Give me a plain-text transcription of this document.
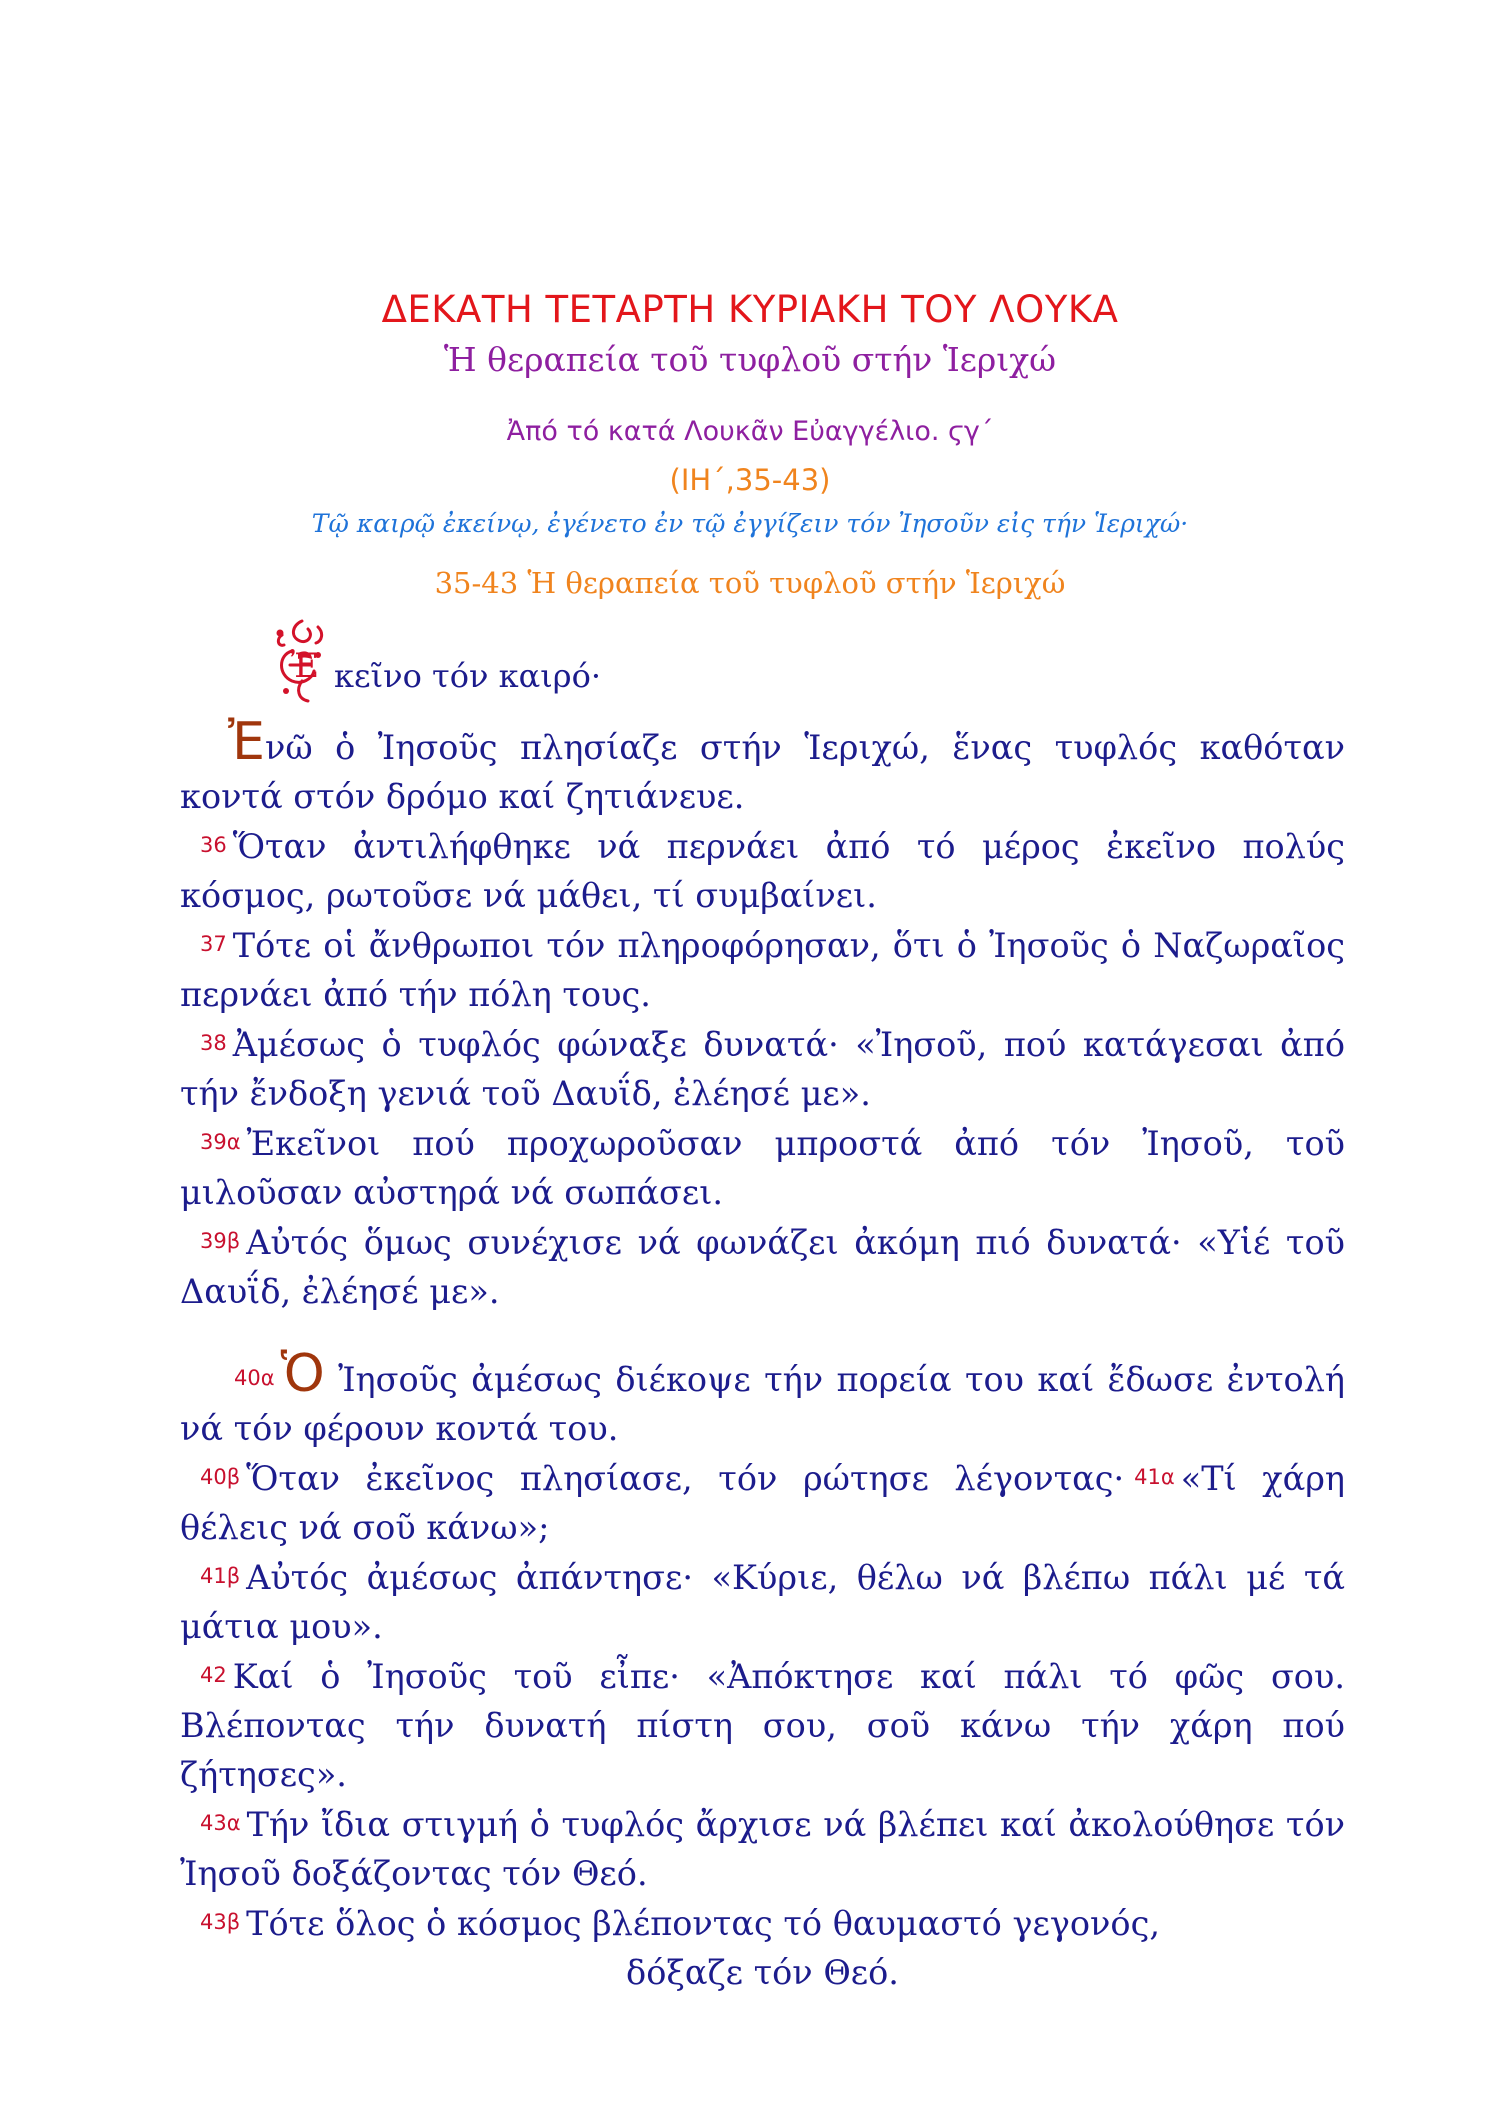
ΔΕΚΑΤΗ ΤΕΤΑΡΤΗ ΚΥΡΙΑΚΗ ΤΟΥ ΛΟΥΚΑ
Ἡ θεραπεία τοῦ τυφλοῦ στήν Ἱεριχώ
Ἀπό τό κατά Λουκᾶν Εὐαγγέλιο. ϛγ΄
(ΙΗ΄,35-43)
Τῷ καιρῷ ἐκείνῳ, ἐγένετο ἐν τῷ ἐγγίζειν τόν Ἰησοῦν εἰς τήν Ἱεριχώ·
35-43 Ἡ θεραπεία τοῦ τυφλοῦ στήν Ἱεριχώ
Ἐ κεῖνο τόν καιρό·

Ἐνῶ ὁ Ἰησοῦς πλησίαζε στήν Ἱεριχώ, ἕνας τυφλός καθόταν κοντά στόν δρόμο καί ζητιάνευε.

36 Ὅταν ἀντιλήφθηκε νά περνάει ἀπό τό μέρος ἐκεῖνο πολύς κόσμος, ρωτοῦσε νά μάθει, τί συμβαίνει.

37 Τότε οἱ ἄνθρωποι τόν πληροφόρησαν, ὅτι ὁ Ἰησοῦς ὁ Ναζωραῖος περνάει ἀπό τήν πόλη τους.

38 Ἀμέσως ὁ τυφλός φώναξε δυνατά· «Ἰησοῦ, πού κατάγεσαι ἀπό τήν ἔνδοξη γενιά τοῦ Δαυΐδ, ἐλέησέ με».

39α Ἐκεῖνοι πού προχωροῦσαν μπροστά ἀπό τόν Ἰησοῦ, τοῦ μιλοῦσαν αὐστηρά νά σωπάσει.

39β Αὐτός ὅμως συνέχισε νά φωνάζει ἀκόμη πιό δυνατά· «Υἱέ τοῦ Δαυΐδ, ἐλέησέ με».

40α Ὁ Ἰησοῦς ἀμέσως διέκοψε τήν πορεία του καί ἔδωσε ἐντολή νά τόν φέρουν κοντά του.

40β Ὅταν ἐκεῖνος πλησίασε, τόν ρώτησε λέγοντας· 41α «Τί χάρη θέλεις νά σοῦ κάνω»;

41β Αὐτός ἀμέσως ἀπάντησε· «Κύριε, θέλω νά βλέπω πάλι μέ τά μάτια μου».

42 Καί ὁ Ἰησοῦς τοῦ εἶπε· «Ἀπόκτησε καί πάλι τό φῶς σου. Βλέποντας τήν δυνατή πίστη σου, σοῦ κάνω τήν χάρη πού ζήτησες».

43α Τήν ἴδια στιγμή ὁ τυφλός ἄρχισε νά βλέπει καί ἀκολούθησε τόν Ἰησοῦ δοξάζοντας τόν Θεό.

43β Τότε ὅλος ὁ κόσμος βλέποντας τό θαυμαστό γεγονός,

δόξαζε τόν Θεό.
